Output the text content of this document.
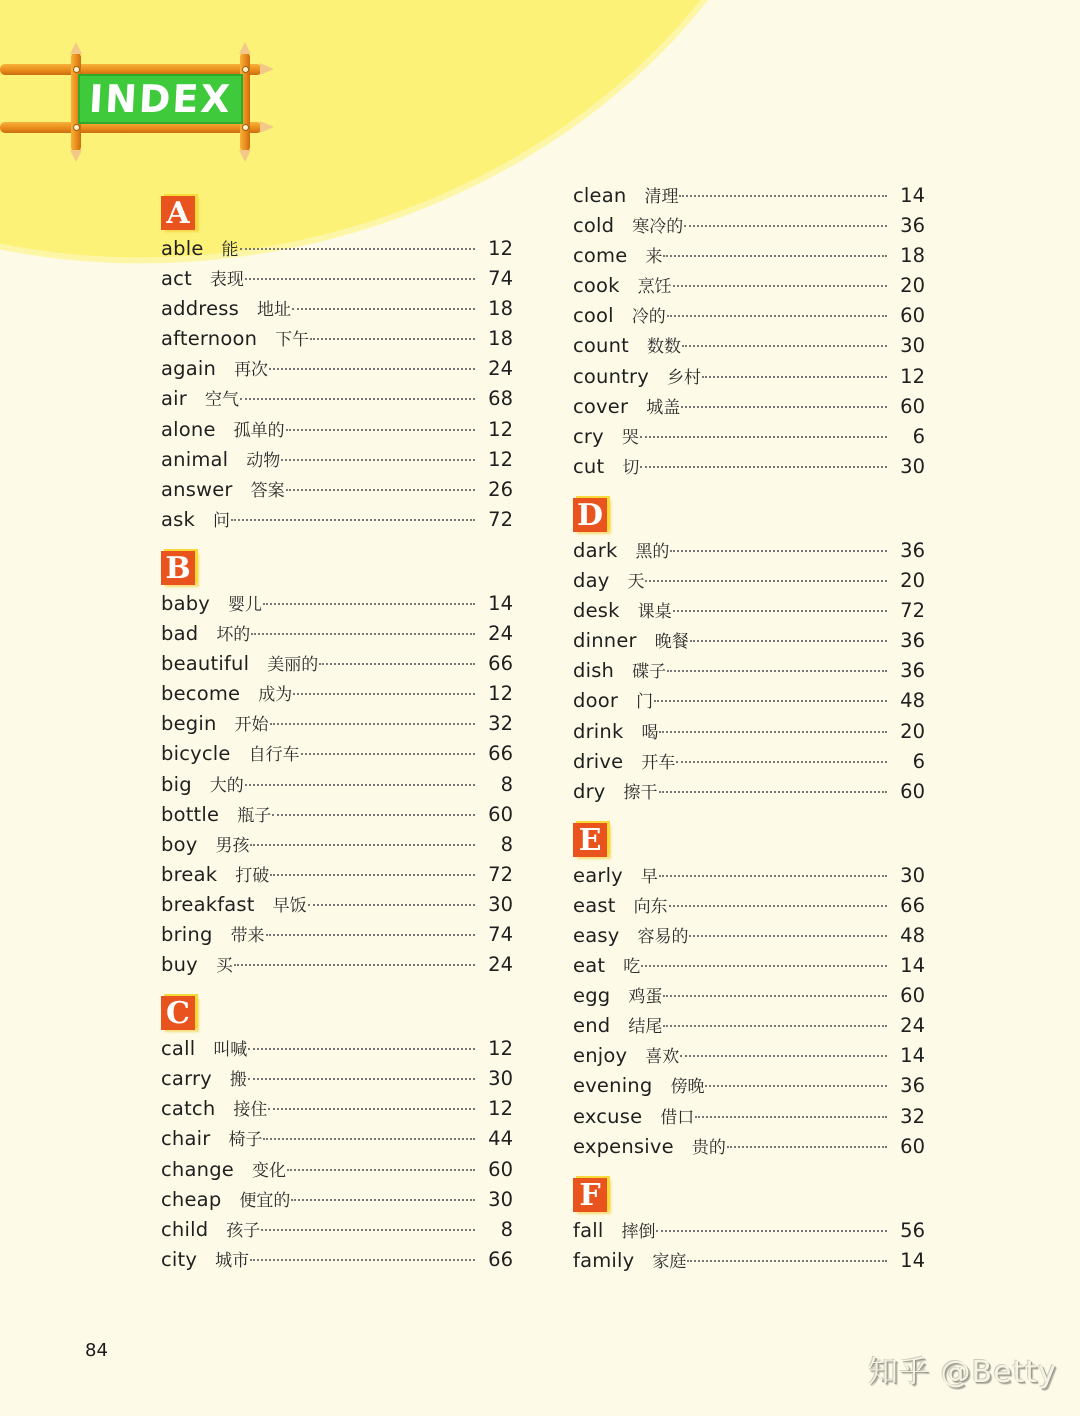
INDEX
A
able 能	12
act 表现	74
address 地址	18
afternoon 下午	18
again 再次	24
air 空气	68
alone 孤单的	12
animal 动物	12
answer 答案	26
ask 问	72
B
baby 婴儿	14
bad 坏的	24
beautiful 美丽的	66
become 成为	12
begin 开始	32
bicycle 自行车	66
big 大的	8
bottle 瓶子	60
boy 男孩	8
break 打破	72
breakfast 早饭	30
bring 带来	74
buy 买	24
C
call 叫喊	12
carry 搬	30
catch 接住	12
chair 椅子	44
change 变化	60
cheap 便宜的	30
child 孩子	8
city 城市	66
clean 清理	14
cold 寒冷的	36
come 来	18
cook 烹饪	20
cool 冷的	60
count 数数	30
country 乡村	12
cover 城盖	60
cry 哭	6
cut 切	30
D
dark 黑的	36
day 天	20
desk 课桌	72
dinner 晚餐	36
dish 碟子	36
door 门	48
drink 喝	20
drive 开车	6
dry 擦干	60
E
early 早	30
east 向东	66
easy 容易的	48
eat 吃	14
egg 鸡蛋	60
end 结尾	24
enjoy 喜欢	14
evening 傍晚	36
excuse 借口	32
expensive 贵的	60
F
fall 摔倒	56
family 家庭	14
84
知乎 @Betty
